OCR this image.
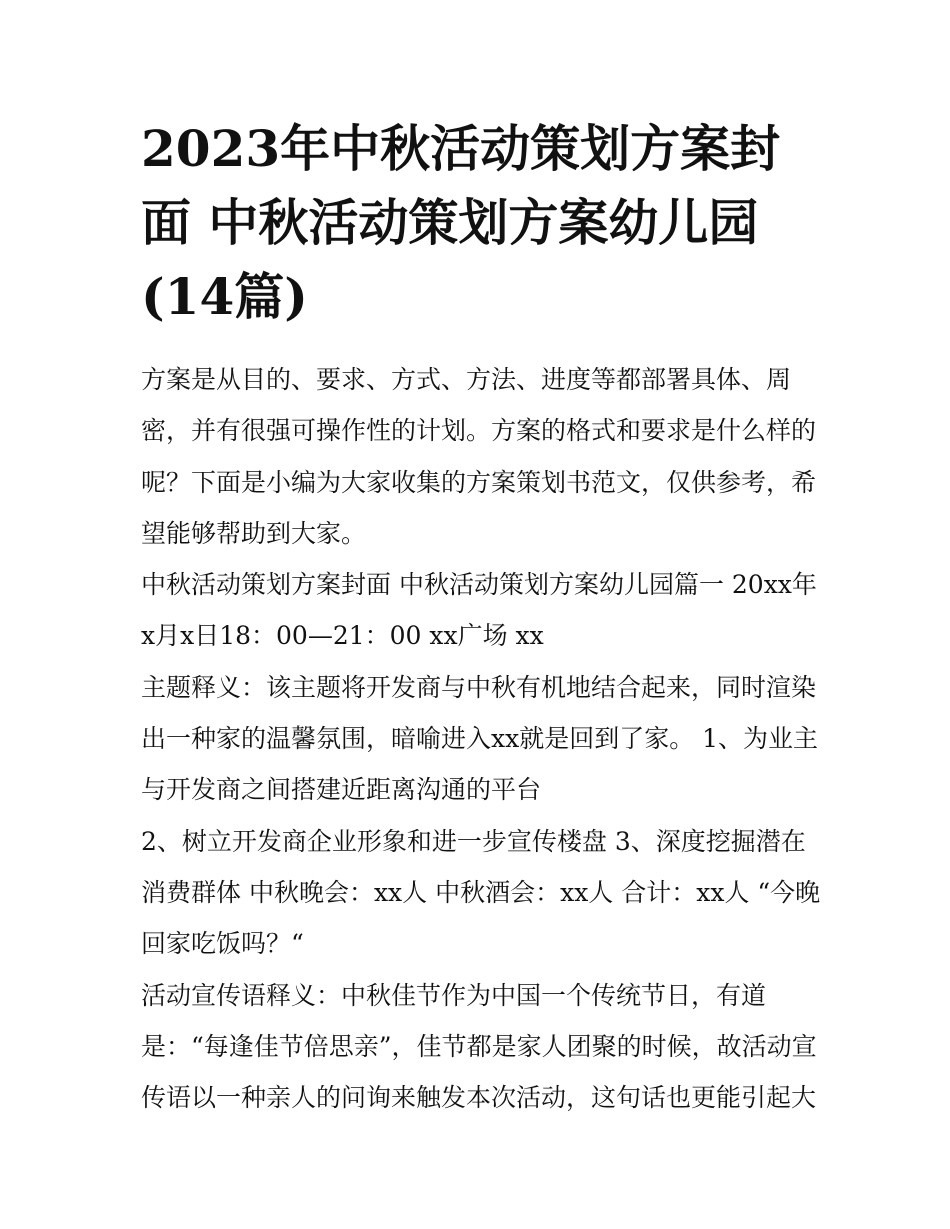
2023年中秋活动策划方案封面 中秋活动策划方案幼儿园(14篇)

方案是从目的、要求、方式、方法、进度等都部署具体、周密，并有很强可操作性的计划。方案的格式和要求是什么样的呢？下面是小编为大家收集的方案策划书范文，仅供参考，希望能够帮助到大家。

中秋活动策划方案封面 中秋活动策划方案幼儿园篇一 20xx年x月x日18：00—21：00 xx广场 xx

主题释义：该主题将开发商与中秋有机地结合起来，同时渲染出一种家的温馨氛围，暗喻进入xx就是回到了家。 1、为业主与开发商之间搭建近距离沟通的平台

2、树立开发商企业形象和进一步宣传楼盘 3、深度挖掘潜在消费群体 中秋晚会：xx人 中秋酒会：xx人 合计：xx人 “今晚回家吃饭吗？“

活动宣传语释义：中秋佳节作为中国一个传统节日，有道是：“每逢佳节倍思亲”，佳节都是家人团聚的时候，故活动宣传语以一种亲人的问询来触发本次活动，这句话也更能引起大
